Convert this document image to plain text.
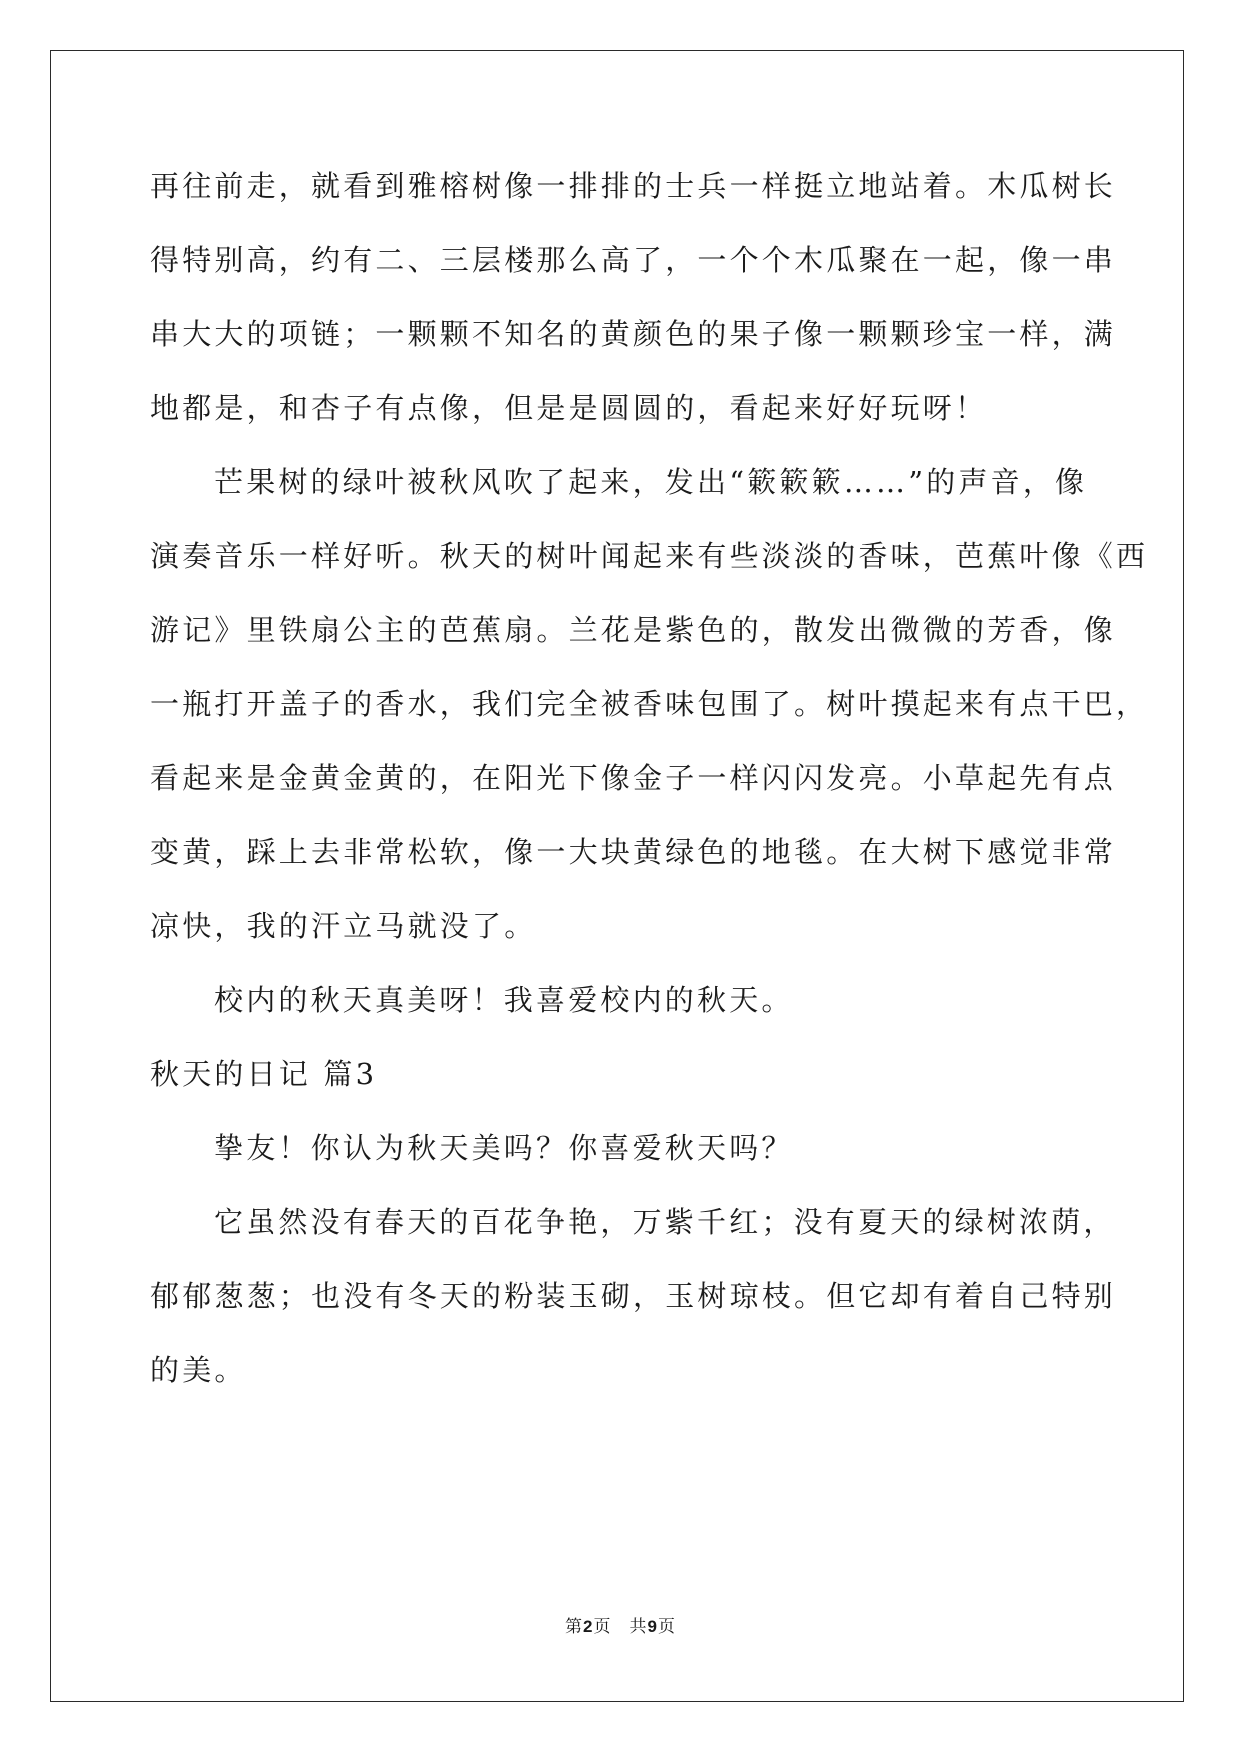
再往前走，就看到雅榕树像一排排的士兵一样挺立地站着。木瓜树长
得特别高，约有二、三层楼那么高了，一个个木瓜聚在一起，像一串
串大大的项链；一颗颗不知名的黄颜色的果子像一颗颗珍宝一样，满
地都是，和杏子有点像，但是是圆圆的，看起来好好玩呀！
芒果树的绿叶被秋风吹了起来，发出“簌簌簌……”的声音，像
演奏音乐一样好听。秋天的树叶闻起来有些淡淡的香味，芭蕉叶像《西
游记》里铁扇公主的芭蕉扇。兰花是紫色的，散发出微微的芳香，像
一瓶打开盖子的香水，我们完全被香味包围了。树叶摸起来有点干巴，
看起来是金黄金黄的，在阳光下像金子一样闪闪发亮。小草起先有点
变黄，踩上去非常松软，像一大块黄绿色的地毯。在大树下感觉非常
凉快，我的汗立马就没了。
校内的秋天真美呀！我喜爱校内的秋天。
秋天的日记 篇3
挚友！你认为秋天美吗？你喜爱秋天吗？
它虽然没有春天的百花争艳，万紫千红；没有夏天的绿树浓荫，
郁郁葱葱；也没有冬天的粉装玉砌，玉树琼枝。但它却有着自己特别
的美。
第2页　共9页
